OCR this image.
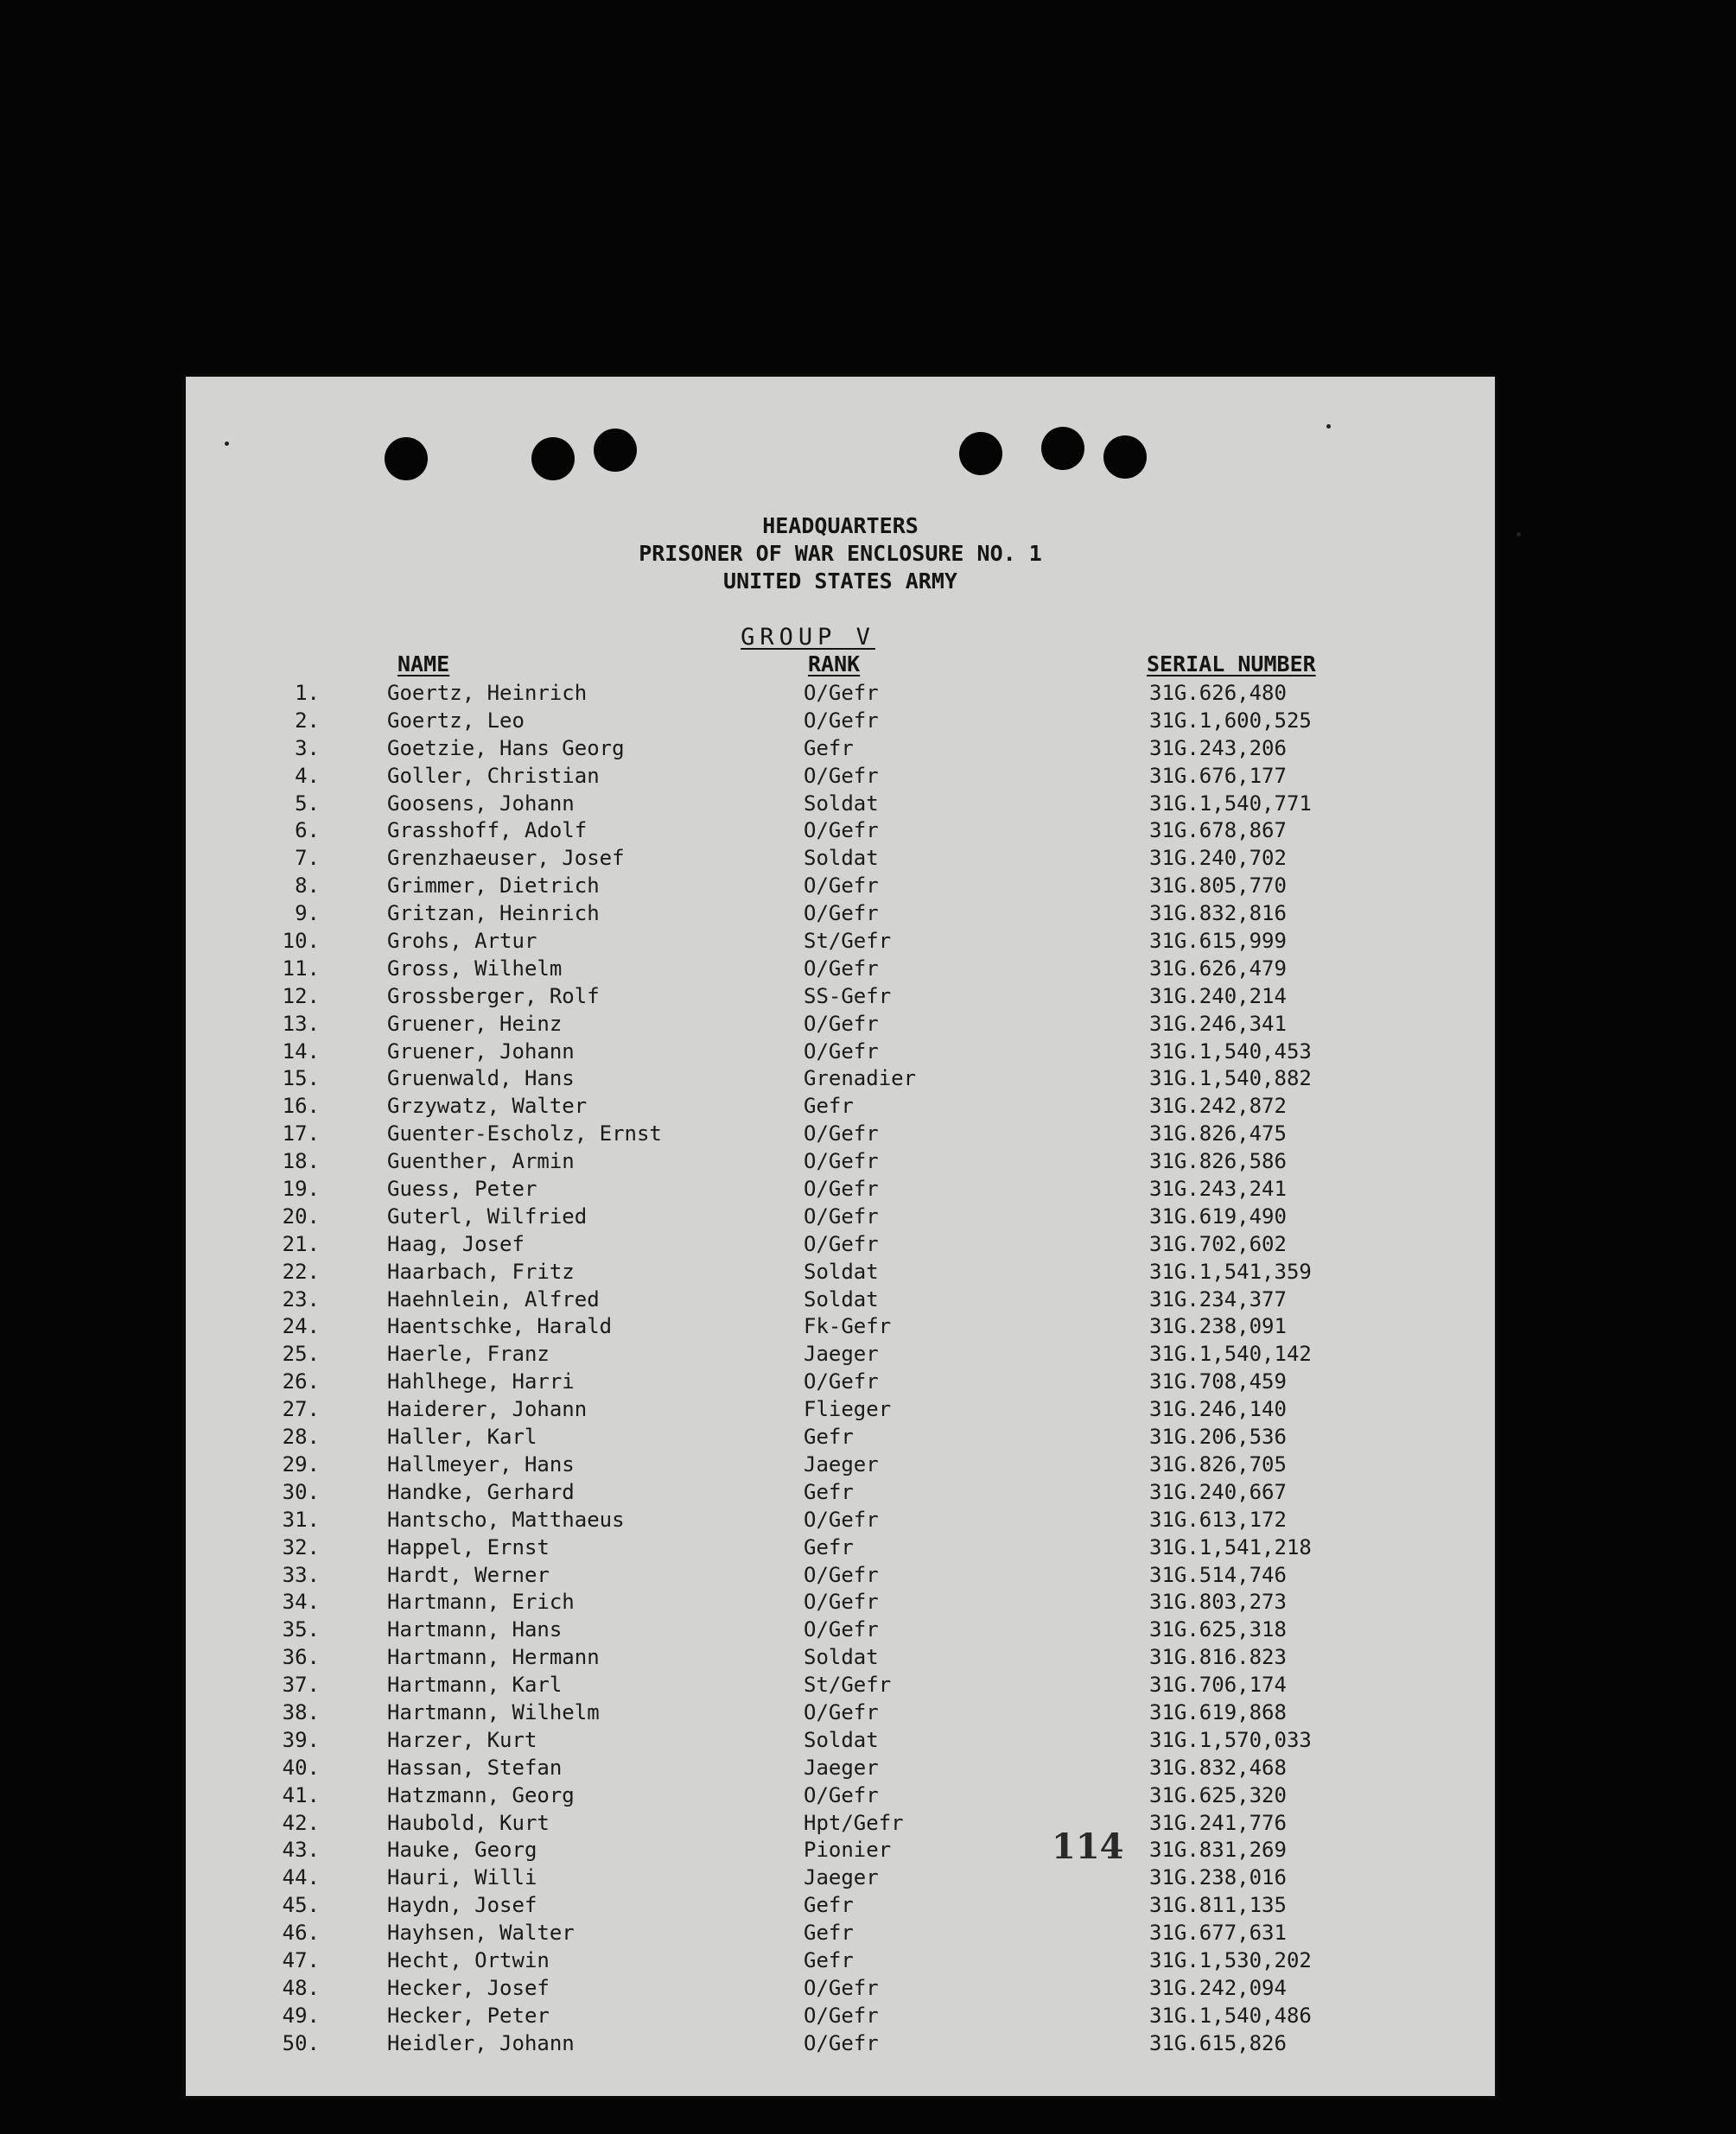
HEADQUARTERS
PRISONER OF WAR ENCLOSURE NO. 1
UNITED STATES ARMY
GROUP V
NAME	RANK	SERIAL NUMBER
1.	Goertz, Heinrich	O/Gefr	31G.626,480
2.	Goertz, Leo	O/Gefr	31G.1,600,525
3.	Goetzie, Hans Georg	Gefr	31G.243,206
4.	Goller, Christian	O/Gefr	31G.676,177
5.	Goosens, Johann	Soldat	31G.1,540,771
6.	Grasshoff, Adolf	O/Gefr	31G.678,867
7.	Grenzhaeuser, Josef	Soldat	31G.240,702
8.	Grimmer, Dietrich	O/Gefr	31G.805,770
9.	Gritzan, Heinrich	O/Gefr	31G.832,816
10.	Grohs, Artur	St/Gefr	31G.615,999
11.	Gross, Wilhelm	O/Gefr	31G.626,479
12.	Grossberger, Rolf	SS-Gefr	31G.240,214
13.	Gruener, Heinz	O/Gefr	31G.246,341
14.	Gruener, Johann	O/Gefr	31G.1,540,453
15.	Gruenwald, Hans	Grenadier	31G.1,540,882
16.	Grzywatz, Walter	Gefr	31G.242,872
17.	Guenter-Escholz, Ernst	O/Gefr	31G.826,475
18.	Guenther, Armin	O/Gefr	31G.826,586
19.	Guess, Peter	O/Gefr	31G.243,241
20.	Guterl, Wilfried	O/Gefr	31G.619,490
21.	Haag, Josef	O/Gefr	31G.702,602
22.	Haarbach, Fritz	Soldat	31G.1,541,359
23.	Haehnlein, Alfred	Soldat	31G.234,377
24.	Haentschke, Harald	Fk-Gefr	31G.238,091
25.	Haerle, Franz	Jaeger	31G.1,540,142
26.	Hahlhege, Harri	O/Gefr	31G.708,459
27.	Haiderer, Johann	Flieger	31G.246,140
28.	Haller, Karl	Gefr	31G.206,536
29.	Hallmeyer, Hans	Jaeger	31G.826,705
30.	Handke, Gerhard	Gefr	31G.240,667
31.	Hantscho, Matthaeus	O/Gefr	31G.613,172
32.	Happel, Ernst	Gefr	31G.1,541,218
33.	Hardt, Werner	O/Gefr	31G.514,746
34.	Hartmann, Erich	O/Gefr	31G.803,273
35.	Hartmann, Hans	O/Gefr	31G.625,318
36.	Hartmann, Hermann	Soldat	31G.816.823
37.	Hartmann, Karl	St/Gefr	31G.706,174
38.	Hartmann, Wilhelm	O/Gefr	31G.619,868
39.	Harzer, Kurt	Soldat	31G.1,570,033
40.	Hassan, Stefan	Jaeger	31G.832,468
41.	Hatzmann, Georg	O/Gefr	31G.625,320
42.	Haubold, Kurt	Hpt/Gefr	31G.241,776
43.	Hauke, Georg	Pionier	31G.831,269
44.	Hauri, Willi	Jaeger	31G.238,016
45.	Haydn, Josef	Gefr	31G.811,135
46.	Hayhsen, Walter	Gefr	31G.677,631
47.	Hecht, Ortwin	Gefr	31G.1,530,202
48.	Hecker, Josef	O/Gefr	31G.242,094
49.	Hecker, Peter	O/Gefr	31G.1,540,486
50.	Heidler, Johann	O/Gefr	31G.615,826
114
